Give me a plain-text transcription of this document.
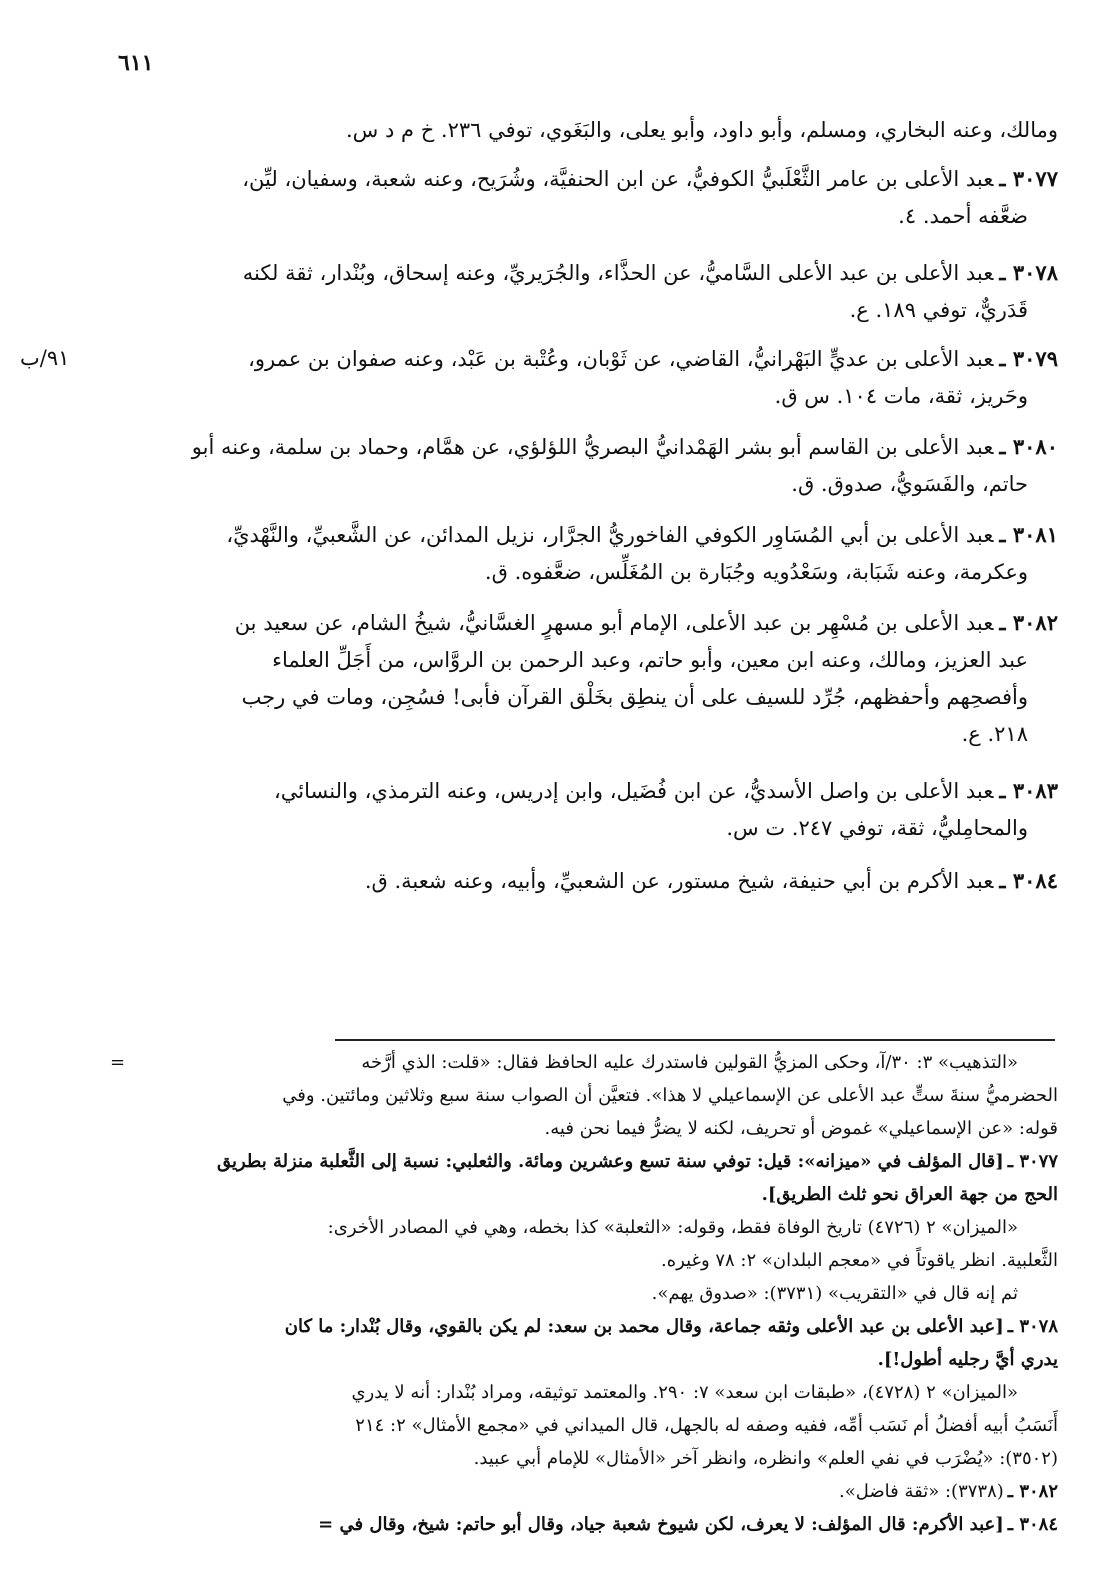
٦١١
ومالك، وعنه البخاري، ومسلم، وأبو داود، وأبو يعلى، والبَغَوي، توفي ٢٣٦. خ م د س.
٣٠٧٧ ـعبد الأعلى بن عامر الثَّعْلَبيُّ الكوفيُّ، عن ابن الحنفيَّة، وشُرَيح، وعنه شعبة، وسفيان، ليِّن،
ضعَّفه أحمد. ٤.
٣٠٧٨ ـعبد الأعلى بن عبد الأعلى السَّاميُّ، عن الحذَّاء، والجُرَيريِّ، وعنه إسحاق، وبُنْدار، ثقة لكنه
قَدَريٌّ، توفي ١٨٩. ع.
٩١/ب	٣٠٧٩ ـعبد الأعلى بن عديٍّ البَهْرانيُّ، القاضي، عن ثَوْبان، وعُتْبة بن عَبْد، وعنه صفوان بن عمرو،
وحَريز، ثقة، مات ١٠٤. س ق.
٣٠٨٠ ـعبد الأعلى بن القاسم أبو بشر الهَمْدانيُّ البصريُّ اللؤلؤي، عن همَّام، وحماد بن سلمة، وعنه أبو
حاتم، والفَسَويُّ، صدوق. ق.
٣٠٨١ ـعبد الأعلى بن أبي المُسَاوِر الكوفي الفاخوريُّ الجرَّار، نزيل المدائن، عن الشَّعبيِّ، والنَّهْديِّ،
وعكرمة، وعنه شَبَابة، وسَعْدُويه وجُبَارة بن المُغَلِّس، ضعَّفوه. ق.
٣٠٨٢ ـعبد الأعلى بن مُسْهِر بن عبد الأعلى، الإمام أبو مسهرٍ الغسَّانيُّ، شيخُ الشام، عن سعيد بن
عبد العزيز، ومالك، وعنه ابن معين، وأبو حاتم، وعبد الرحمن بن الروَّاس، من أَجَلِّ العلماء
وأفصحِهم وأحفظهم، جُرِّد للسيف على أن ينطِق بخَلْق القرآن فأبى! فسُجِن، ومات في رجب
٢١٨. ع.
٣٠٨٣ ـعبد الأعلى بن واصل الأسديُّ، عن ابن فُضَيل، وابن إدريس، وعنه الترمذي، والنسائي،
والمحامِليُّ، ثقة، توفي ٢٤٧. ت س.
٣٠٨٤ ـعبد الأكرم بن أبي حنيفة، شيخ مستور، عن الشعبيِّ، وأبيه، وعنه شعبة. ق.
=	«التذهيب» ٣: ٣٠/آ، وحكى المزيُّ القولين فاستدرك عليه الحافظ فقال: «قلت: الذي أرَّخه
الحضرميُّ سنةَ ستٍّ عبد الأعلى عن الإسماعيلي لا هذا». فتعيَّن أن الصواب سنة سبع وثلاثين ومائتين. وفي
قوله: «عن الإسماعيلي» غموض أو تحريف، لكنه لا يضرُّ فيما نحن فيه.
٣٠٧٧ ـ[قال المؤلف في «ميزانه»: قيل: توفي سنة تسع وعشرين ومائة. والثعلبي: نسبة إلى الثَّعلبة منزلة بطريق
الحج من جهة العراق نحو ثلث الطريق].
«الميزان» ٢ (٤٧٢٦) تاريخ الوفاة فقط، وقوله: «الثعلبة» كذا بخطه، وهي في المصادر الأخرى:
الثَّعلبية. انظر ياقوتاً في «معجم البلدان» ٢: ٧٨ وغيره.
ثم إنه قال في «التقريب» (٣٧٣١): «صدوق يهم».
٣٠٧٨ ـ[عبد الأعلى بن عبد الأعلى وثقه جماعة، وقال محمد بن سعد: لم يكن بالقوي، وقال بُنْدار: ما كان
يدري أيَّ رجليه أطول!].
«الميزان» ٢ (٤٧٢٨)، «طبقات ابن سعد» ٧: ٢٩٠. والمعتمد توثيقه، ومراد بُنْدار: أنه لا يدري
أَنَسَبُ أبيه أفضلُ أم نَسَب أمِّه، ففيه وصفه له بالجهل، قال الميداني في «مجمع الأمثال» ٢: ٢١٤
(٣٥٠٢): «يُضْرَب في نفي العلم» وانظره، وانظر آخر «الأمثال» للإمام أبي عبيد.
٣٠٨٢ ـ(٣٧٣٨): «ثقة فاضل».
٣٠٨٤ ـ[عبد الأكرم: قال المؤلف: لا يعرف، لكن شيوخ شعبة جياد، وقال أبو حاتم: شيخ، وقال في =
